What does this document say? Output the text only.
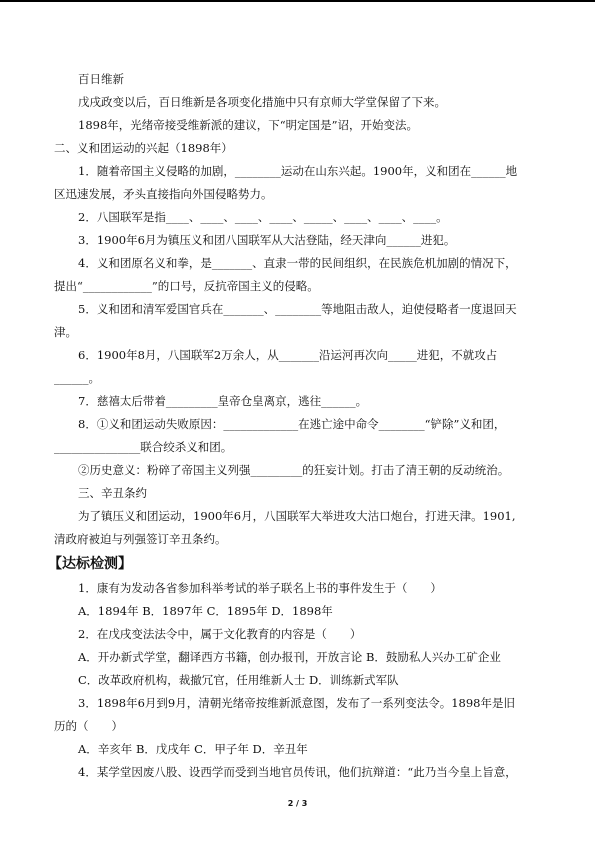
百日维新
戊戌政变以后，百日维新是各项变化措施中只有京师大学堂保留了下来。
1898年，光绪帝接受维新派的建议，下“明定国是”诏，开始变法。
二、义和团运动的兴起（1898年）
1．随着帝国主义侵略的加剧，________运动在山东兴起。1900年，义和团在______地
区迅速发展，矛头直接指向外国侵略势力。
2．八国联军是指____、____、____、____、_____、____、____、____。
3．1900年6月为镇压义和团八国联军从大沽登陆，经天津向______进犯。
4．义和团原名义和拳，是_______、直隶一带的民间组织，在民族危机加剧的情况下，
提出“____________”的口号，反抗帝国主义的侵略。
5．义和团和清军爱国官兵在_______、________等地阻击敌人，迫使侵略者一度退回天
津。
6．1900年8月，八国联军2万余人，从_______沿运河再次向_____进犯，不就攻占
______。
7．慈禧太后带着_________皇帝仓皇离京，逃往______。
8．①义和团运动失败原因：_____________在逃亡途中命令________“铲除”义和团，
_______________联合绞杀义和团。
②历史意义：粉碎了帝国主义列强_________的狂妄计划。打击了清王朝的反动统治。
三、辛丑条约
为了镇压义和团运动，1900年6月，八国联军大举进攻大沽口炮台，打进天津。1901,
清政府被迫与列强签订辛丑条约。
【达标检测】
1．康有为发动各省参加科举考试的举子联名上书的事件发生于（　　）
A．1894年 B．1897年 C．1895年 D．1898年
2．在戊戌变法法令中，属于文化教育的内容是（　　）
A．开办新式学堂，翻译西方书籍，创办报刊，开放言论 B．鼓励私人兴办工矿企业
C．改革政府机构，裁撤冗官，任用维新人士 D．训练新式军队
3．1898年6月到9月，清朝光绪帝按维新派意图，发布了一系列变法令。1898年是旧
历的（　　）
A．辛亥年 B．戊戌年 C．甲子年 D．辛丑年
4．某学堂因废八股、设西学而受到当地官员传讯，他们抗辩道：“此乃当今皇上旨意，
2 / 3
